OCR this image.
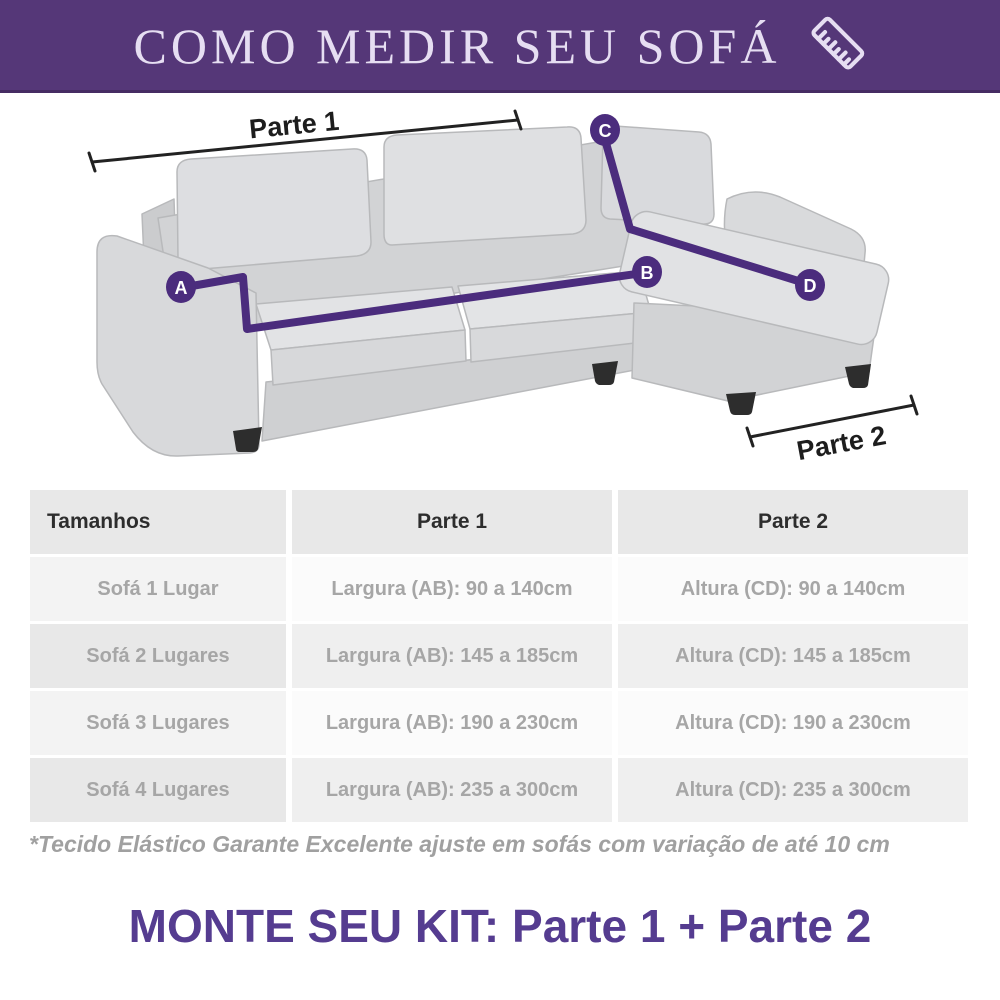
COMO MEDIR SEU SOFÁ
Parte 1
Parte 2
A
B
C
D
Tamanhos	Parte 1	Parte 2
Sofá 1 Lugar	Largura (AB): 90 a 140cm	Altura (CD): 90 a 140cm
Sofá 2 Lugares	Largura (AB): 145 a 185cm	Altura (CD): 145 a 185cm
Sofá 3 Lugares	Largura (AB): 190 a 230cm	Altura (CD): 190 a 230cm
Sofá 4 Lugares	Largura (AB): 235 a 300cm	Altura (CD): 235 a 300cm
*Tecido Elástico Garante Excelente ajuste em sofás com variação de até 10 cm
MONTE SEU KIT: Parte 1 + Parte 2
